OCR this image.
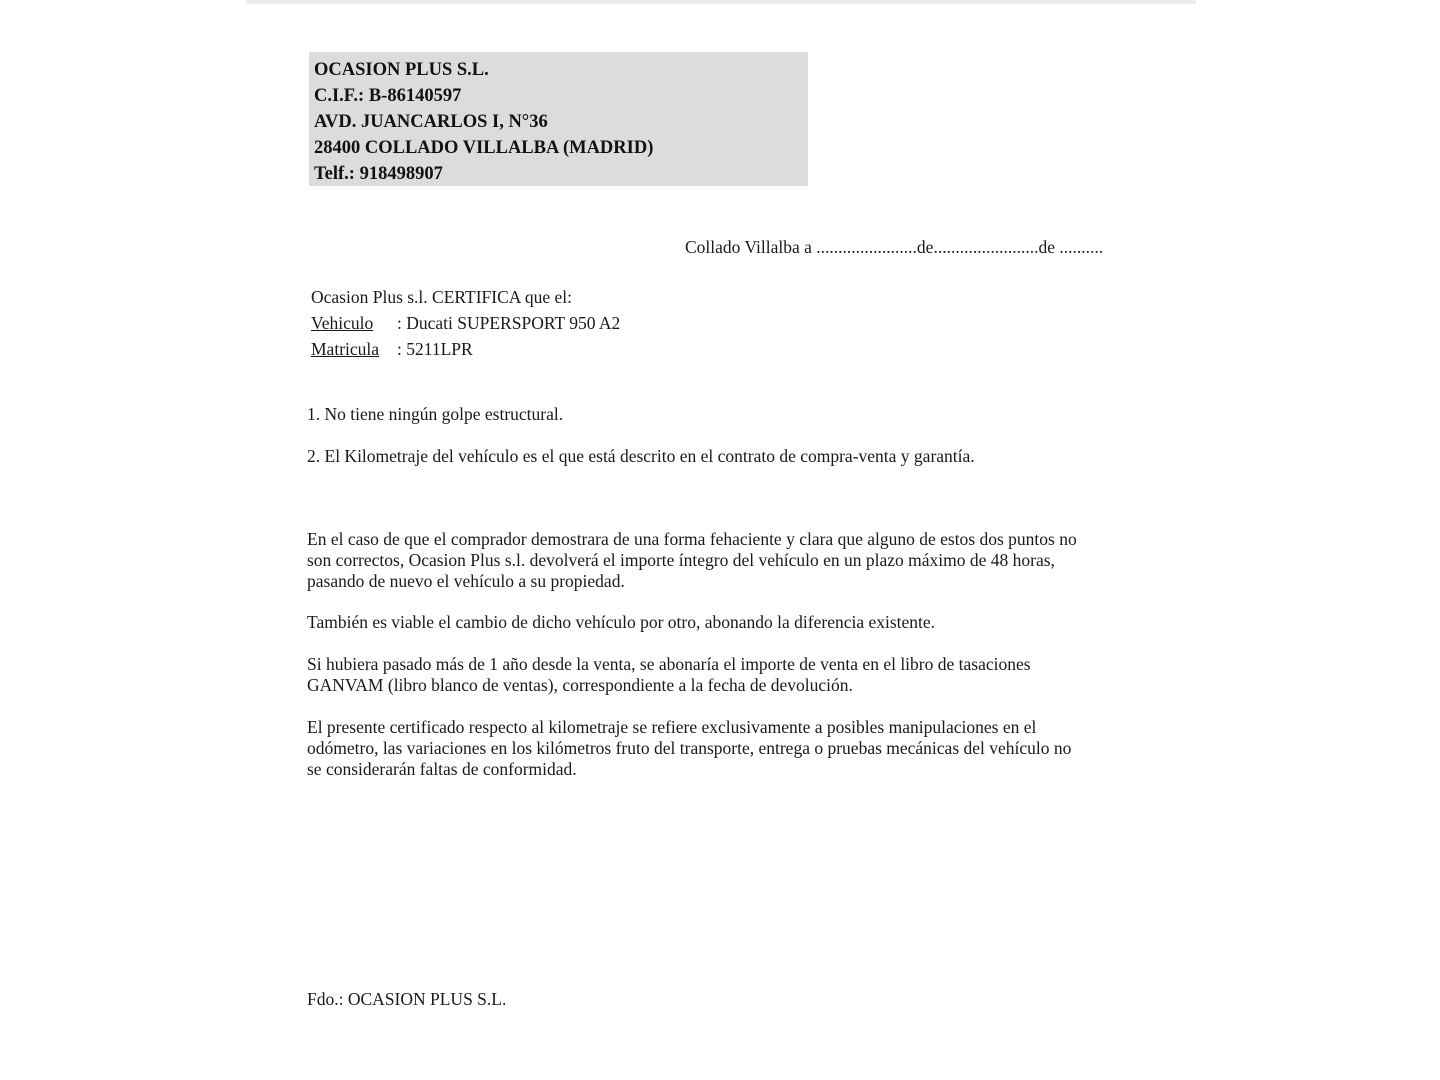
OCASION PLUS S.L.
C.I.F.: B-86140597
AVD. JUANCARLOS I, N°36
28400 COLLADO VILLALBA (MADRID)
Telf.: 918498907
Collado Villalba a .......................de........................de ..........
Ocasion Plus s.l. CERTIFICA que el:
Vehiculo	: Ducati SUPERSPORT 950 A2
Matricula	: 5211LPR
1. No tiene ningún golpe estructural.
2. El Kilometraje del vehículo es el que está descrito en el contrato de compra-venta y garantía.
En el caso de que el comprador demostrara de una forma fehaciente y clara que alguno de estos dos puntos no
son correctos, Ocasion Plus s.l. devolverá el importe íntegro del vehículo en un plazo máximo de 48 horas,
pasando de nuevo el vehículo a su propiedad.
También es viable el cambio de dicho vehículo por otro, abonando la diferencia existente.
Si hubiera pasado más de 1 año desde la venta, se abonaría el importe de venta en el libro de tasaciones
GANVAM (libro blanco de ventas), correspondiente a la fecha de devolución.
El presente certificado respecto al kilometraje se refiere exclusivamente a posibles manipulaciones en el
odómetro, las variaciones en los kilómetros fruto del transporte, entrega o pruebas mecánicas del vehículo no
se considerarán faltas de conformidad.
Fdo.: OCASION PLUS S.L.
